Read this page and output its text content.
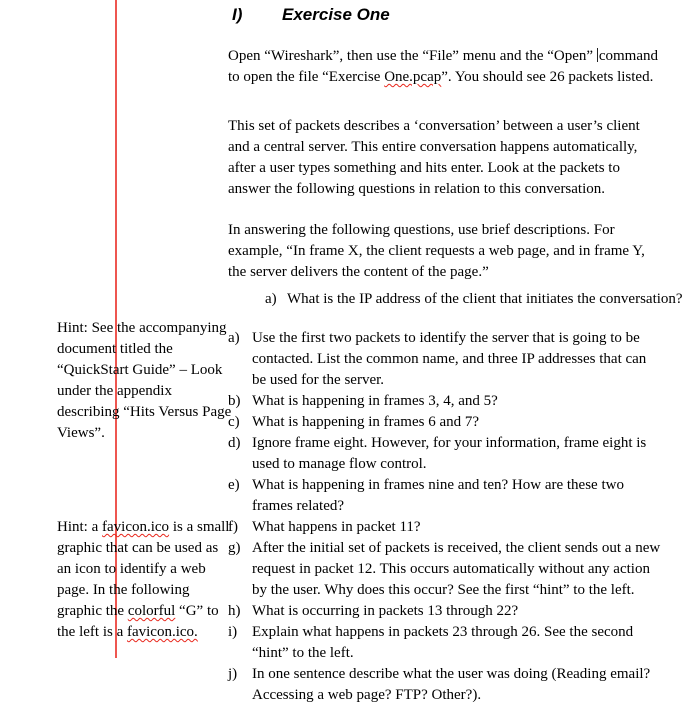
I)	Exercise One
Open “Wireshark”, then use the “File” menu and the “Open” command to open the file “Exercise One.pcap”. You should see 26 packets listed.
This set of packets describes a ‘conversation’ between a user’s client and a central server. This entire conversation happens automatically, after a user types something and hits enter. Look at the packets to answer the following questions in relation to this conversation.
In answering the following questions, use brief descriptions. For example, “In frame X, the client requests a web page, and in frame Y, the server delivers the content of the page.”
a) What is the IP address of the client that initiates the conversation?
a) Use the first two packets to identify the server that is going to be contacted. List the common name, and three IP addresses that can be used for the server.
b) What is happening in frames 3, 4, and 5?
c) What is happening in frames 6 and 7?
d) Ignore frame eight. However, for your information, frame eight is used to manage flow control.
e) What is happening in frames nine and ten? How are these two frames related?
f) What happens in packet 11?
g) After the initial set of packets is received, the client sends out a new request in packet 12. This occurs automatically without any action by the user. Why does this occur? See the first “hint” to the left.
h) What is occurring in packets 13 through 22?
i) Explain what happens in packets 23 through 26. See the second “hint” to the left.
j) In one sentence describe what the user was doing (Reading email? Accessing a web page? FTP? Other?).
Hint: See the accompanying document titled the “QuickStart Guide” – Look under the appendix describing “Hits Versus Page Views”.
Hint: a favicon.ico is a small graphic that can be used as an icon to identify a web page. In the following graphic the colorful “G” to the left is a favicon.ico.
